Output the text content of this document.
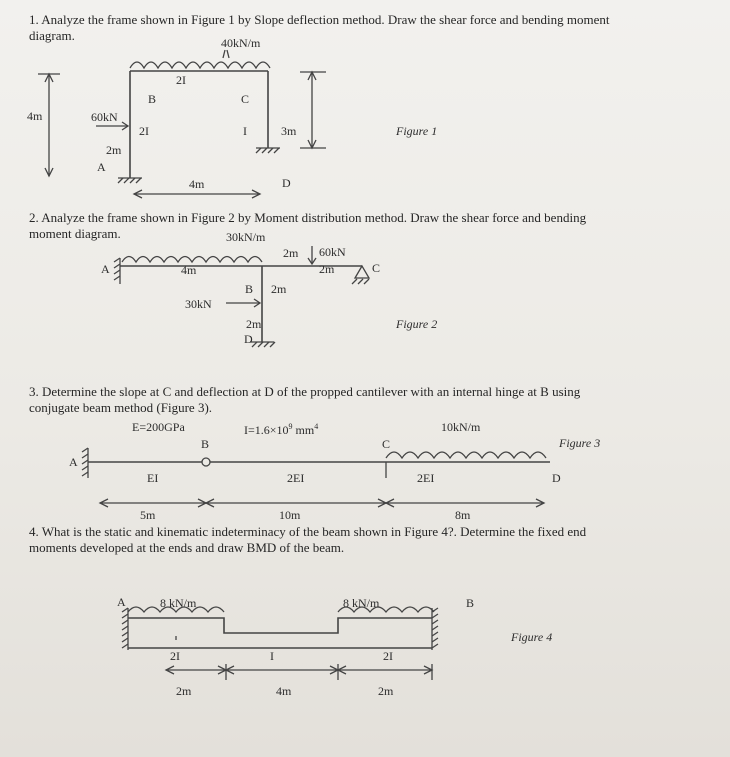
1. Analyze the frame shown in Figure 1 by Slope deflection method. Draw the shear force and bending moment diagram.	40kN/m
2I
B	C
4m	60kN
2I	I	3m	Figure 1
2m
A
4m	D
2. Analyze the frame shown in Figure 2 by Moment distribution method. Draw the shear force and bending moment diagram.	30kN/m
2m 60kN
A	4m	2m	C
B 2m
30kN
2m	Figure 2
D
3. Determine the slope at C and deflection at D of the propped cantilever with an internal hinge at B using conjugate beam method (Figure 3).
E=200GPa	$I=1.6\times 10^9$ $mm^4$	10kN/m
B	C	Figure 3
A
EI	2EI	2EI	D
5m	10m	8m
4. What is the static and kinematic indeterminacy of the beam shown in Figure 4?. Determine the fixed end moments developed at the ends and draw BMD of the beam.
A	8 kN/m	8 kN/m	B
Figure 4
2I	I	2I
2m	4m	2m
